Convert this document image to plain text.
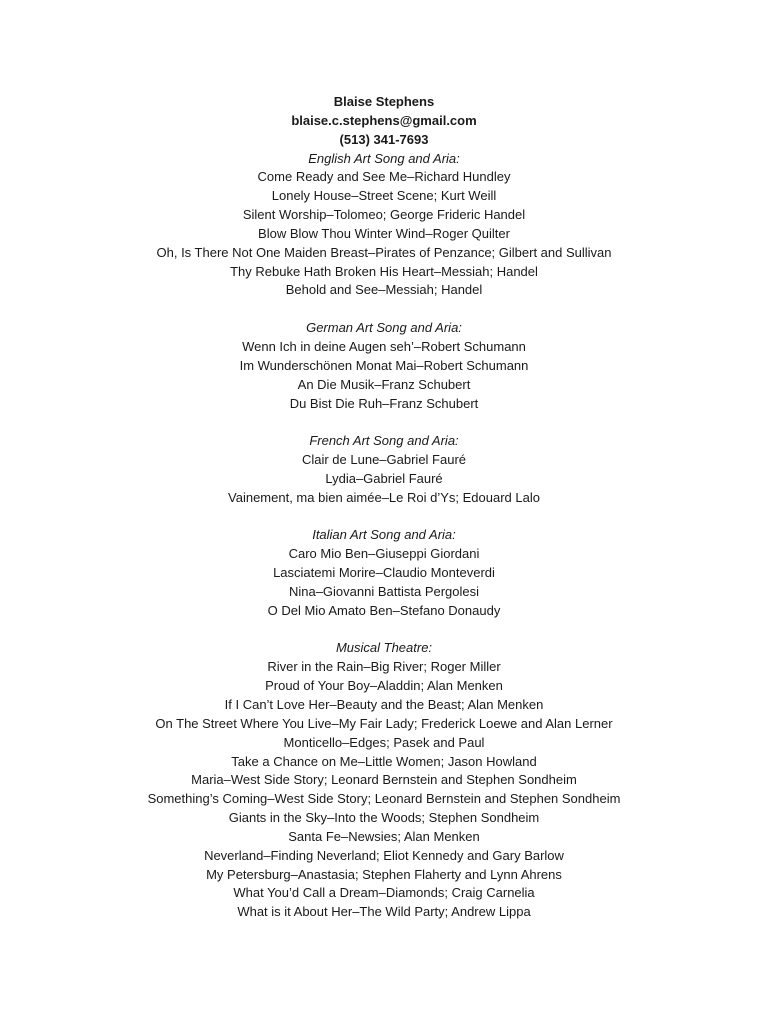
Blaise Stephens
blaise.c.stephens@gmail.com
(513) 341-7693
English Art Song and Aria:
Come Ready and See Me–Richard Hundley
Lonely House–Street Scene; Kurt Weill
Silent Worship–Tolomeo; George Frideric Handel
Blow Blow Thou Winter Wind–Roger Quilter
Oh, Is There Not One Maiden Breast–Pirates of Penzance; Gilbert and Sullivan
Thy Rebuke Hath Broken His Heart–Messiah; Handel
Behold and See–Messiah; Handel
German Art Song and Aria:
Wenn Ich in deine Augen seh’–Robert Schumann
Im Wunderschönen Monat Mai–Robert Schumann
An Die Musik–Franz Schubert
Du Bist Die Ruh–Franz Schubert
French Art Song and Aria:
Clair de Lune–Gabriel Fauré
Lydia–Gabriel Fauré
Vainement, ma bien aimée–Le Roi d’Ys; Edouard Lalo
Italian Art Song and Aria:
Caro Mio Ben–Giuseppi Giordani
Lasciatemi Morire–Claudio Monteverdi
Nina–Giovanni Battista Pergolesi
O Del Mio Amato Ben–Stefano Donaudy
Musical Theatre:
River in the Rain–Big River; Roger Miller
Proud of Your Boy–Aladdin; Alan Menken
If I Can’t Love Her–Beauty and the Beast; Alan Menken
On The Street Where You Live–My Fair Lady; Frederick Loewe and Alan Lerner
Monticello–Edges; Pasek and Paul
Take a Chance on Me–Little Women; Jason Howland
Maria–West Side Story; Leonard Bernstein and Stephen Sondheim
Something’s Coming–West Side Story; Leonard Bernstein and Stephen Sondheim
Giants in the Sky–Into the Woods; Stephen Sondheim
Santa Fe–Newsies; Alan Menken
Neverland–Finding Neverland; Eliot Kennedy and Gary Barlow
My Petersburg–Anastasia; Stephen Flaherty and Lynn Ahrens
What You’d Call a Dream–Diamonds; Craig Carnelia
What is it About Her–The Wild Party; Andrew Lippa
